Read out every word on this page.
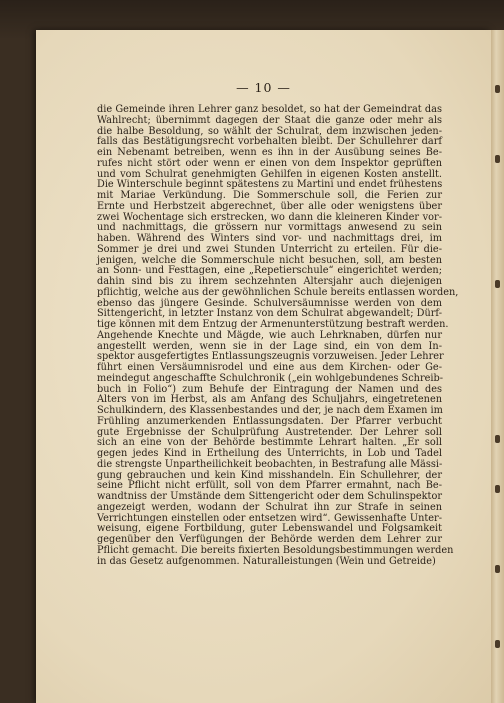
— 10 —
die Gemeinde ihren Lehrer ganz besoldet, so hat der Gemeindrat das
Wahlrecht; übernimmt dagegen der Staat die ganze oder mehr als
die halbe Besoldung, so wählt der Schulrat, dem inzwischen jeden-
falls das Bestätigungsrecht vorbehalten bleibt. Der Schullehrer darf
ein Nebenamt betreiben, wenn es ihn in der Ausübung seines Be-
rufes nicht stört oder wenn er einen von dem Inspektor geprüften
und vom Schulrat genehmigten Gehilfen in eigenen Kosten anstellt.
Die Winterschule beginnt spätestens zu Martini und endet frühestens
mit Mariae Verkündung. Die Sommerschule soll, die Ferien zur
Ernte und Herbstzeit abgerechnet, über alle oder wenigstens über
zwei Wochentage sich erstrecken, wo dann die kleineren Kinder vor-
und nachmittags, die grössern nur vormittags anwesend zu sein
haben. Während des Winters sind vor- und nachmittags drei, im
Sommer je drei und zwei Stunden Unterricht zu erteilen. Für die-
jenigen, welche die Sommerschule nicht besuchen, soll, am besten
an Sonn- und Festtagen, eine „Repetierschule“ eingerichtet werden;
dahin sind bis zu ihrem sechzehnten Altersjahr auch diejenigen
pflichtig, welche aus der gewöhnlichen Schule bereits entlassen worden,
ebenso das jüngere Gesinde. Schulversäumnisse werden von dem
Sittengericht, in letzter Instanz von dem Schulrat abgewandelt; Dürf-
tige können mit dem Entzug der Armenunterstützung bestraft werden.
Angehende Knechte und Mägde, wie auch Lehrknaben, dürfen nur
angestellt werden, wenn sie in der Lage sind, ein von dem In-
spektor ausgefertigtes Entlassungszeugnis vorzuweisen. Jeder Lehrer
führt einen Versäumnisrodel und eine aus dem Kirchen- oder Ge-
meindegut angeschaffte Schulchronik („ein wohlgebundenes Schreib-
buch in Folio“) zum Behufe der Eintragung der Namen und des
Alters von im Herbst, als am Anfang des Schuljahrs, eingetretenen
Schulkindern, des Klassenbestandes und der, je nach dem Examen im
Frühling anzumerkenden Entlassungsdaten. Der Pfarrer verbucht
gute Ergebnisse der Schulprüfung Austretender. Der Lehrer soll
sich an eine von der Behörde bestimmte Lehrart halten. „Er soll
gegen jedes Kind in Ertheilung des Unterrichts, in Lob und Tadel
die strengste Unpartheilichkeit beobachten, in Bestrafung alle Mässi-
gung gebrauchen und kein Kind misshandeln. Ein Schullehrer, der
seine Pflicht nicht erfüllt, soll von dem Pfarrer ermahnt, nach Be-
wandtniss der Umstände dem Sittengericht oder dem Schulinspektor
angezeigt werden, wodann der Schulrat ihn zur Strafe in seinen
Verrichtungen einstellen oder entsetzen wird“. Gewissenhafte Unter-
weisung, eigene Fortbildung, guter Lebenswandel und Folgsamkeit
gegenüber den Verfügungen der Behörde werden dem Lehrer zur
Pflicht gemacht. Die bereits fixierten Besoldungsbestimmungen werden
in das Gesetz aufgenommen. Naturalleistungen (Wein und Getreide)
